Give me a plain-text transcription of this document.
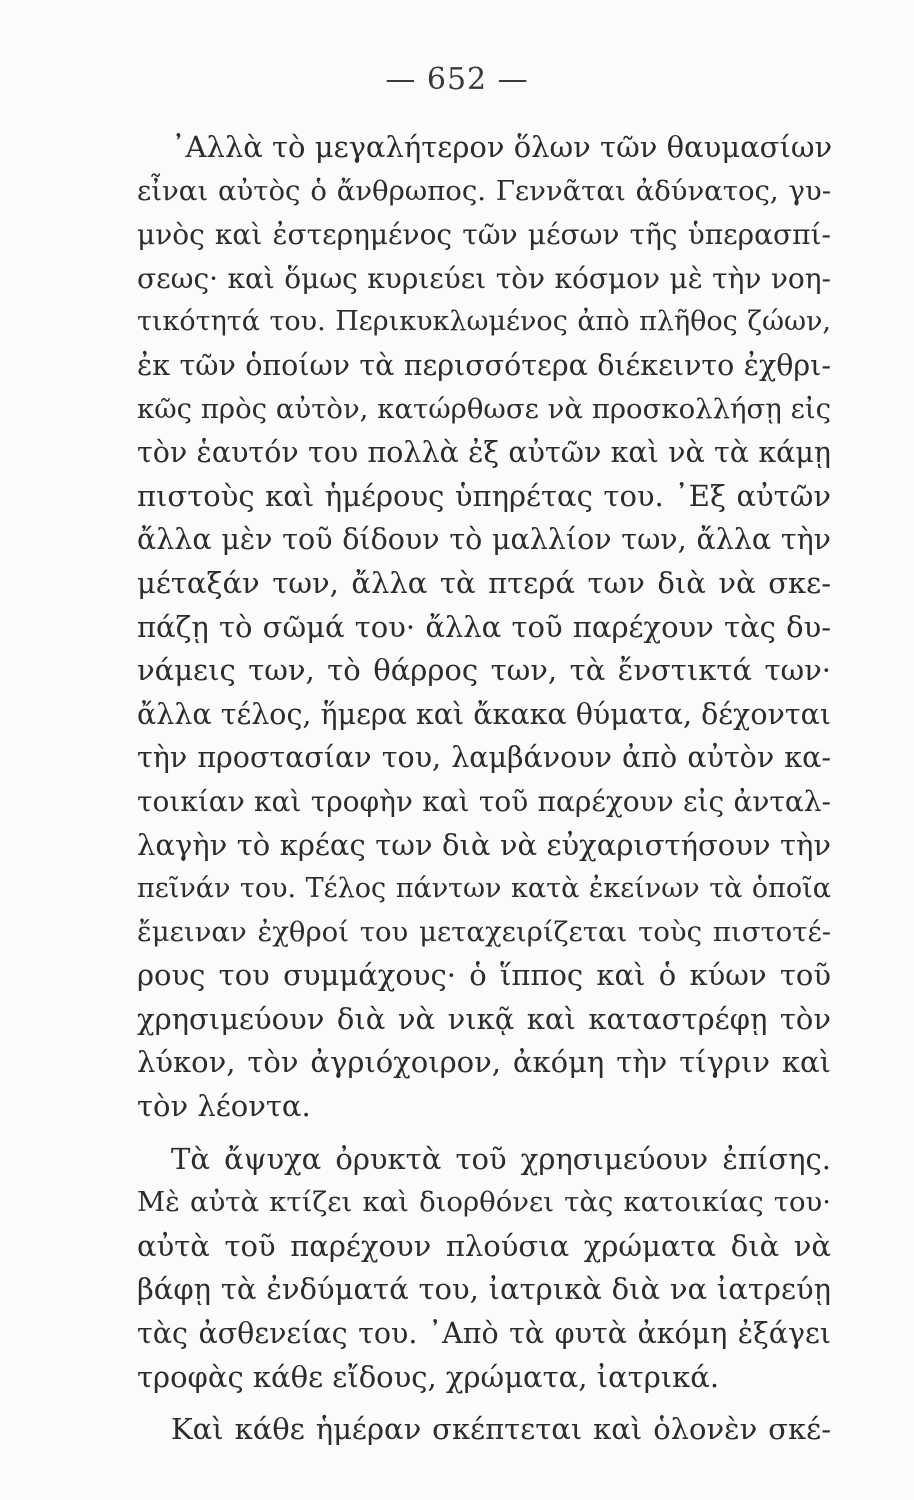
— 652 —
᾿Αλλὰ τὸ μεγαλήτερον ὅλων τῶν θαυμασίων
εἶναι αὐτὸς ὁ ἄνθρωπος. Γεννᾶται ἀδύνατος, γυ-
μνὸς καὶ ἐστερημένος τῶν μέσων τῆς ὑπερασπί-
σεως· καὶ ὅμως κυριεύει τὸν κόσμον μὲ τὴν νοη-
τικότητά του. Περικυκλωμένος ἀπὸ πλῆθος ζώων,
ἐκ τῶν ὁποίων τὰ περισσότερα διέκειντο ἐχθρι-
κῶς πρὸς αὐτὸν, κατώρθωσε νὰ προσκολλήσῃ εἰς
τὸν ἑαυτόν του πολλὰ ἐξ αὐτῶν καὶ νὰ τὰ κάμῃ
πιστοὺς καὶ ἡμέρους ὑπηρέτας του. ᾿Εξ αὐτῶν
ἄλλα μὲν τοῦ δίδουν τὸ μαλλίον των, ἄλλα τὴν
μέταξάν των, ἄλλα τὰ πτερά των διὰ νὰ σκε-
πάζῃ τὸ σῶμά του· ἄλλα τοῦ παρέχουν τὰς δυ-
νάμεις των, τὸ θάρρος των, τὰ ἔνστικτά των·
ἄλλα τέλος, ἥμερα καὶ ἄκακα θύματα, δέχονται
τὴν προστασίαν του, λαμβάνουν ἀπὸ αὐτὸν κα-
τοικίαν καὶ τροφὴν καὶ τοῦ παρέχουν εἰς ἀνταλ-
λαγὴν τὸ κρέας των διὰ νὰ εὐχαριστήσουν τὴν
πεῖνάν του. Τέλος πάντων κατὰ ἐκείνων τὰ ὁποῖα
ἔμειναν ἐχθροί του μεταχειρίζεται τοὺς πιστοτέ-
ρους του συμμάχους· ὁ ἵππος καὶ ὁ κύων τοῦ
χρησιμεύουν διὰ νὰ νικᾷ καὶ καταστρέφῃ τὸν
λύκον, τὸν ἀγριόχοιρον, ἀκόμη τὴν τίγριν καὶ
τὸν λέοντα.
Τὰ ἄψυχα ὀρυκτὰ τοῦ χρησιμεύουν ἐπίσης.
Μὲ αὐτὰ κτίζει καὶ διορθόνει τὰς κατοικίας του·
αὐτὰ τοῦ παρέχουν πλούσια χρώματα διὰ νὰ
βάφῃ τὰ ἐνδύματά του, ἰατρικὰ διὰ να ἰατρεύῃ
τὰς ἀσθενείας του. ᾿Απὸ τὰ φυτὰ ἀκόμη ἐξάγει
τροφὰς κάθε εἴδους, χρώματα, ἰατρικά.
Καὶ κάθε ἡμέραν σκέπτεται καὶ ὁλονὲν σκέ-
